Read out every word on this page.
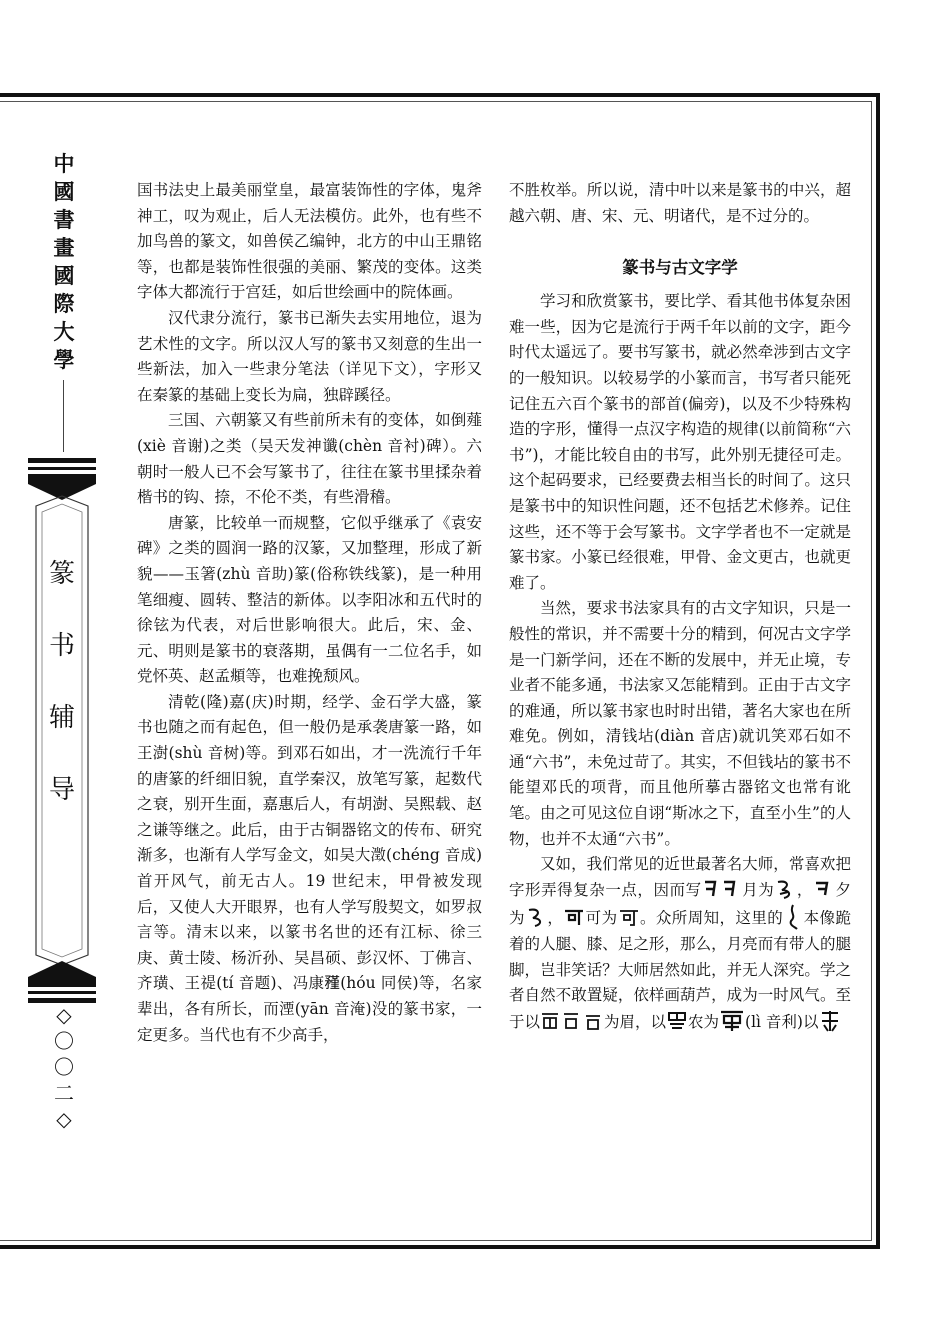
中國書畫國際大學
篆
书
辅
导
◇〇〇二◇

国书法史上最美丽堂皇，最富装饰性的字体，鬼斧神工，叹为观止，后人无法模仿。此外，也有些不加鸟兽的篆文，如兽侯乙编钟，北方的中山王鼎铭等，也都是装饰性很强的美丽、繁茂的变体。这类字体大都流行于宫廷，如后世绘画中的院体画。

汉代隶分流行，篆书已渐失去实用地位，退为艺术性的文字。所以汉人写的篆书又刻意的生出一些新法，加入一些隶分笔法（详见下文），字形又在秦篆的基础上变长为扁，独辟蹊径。

三国、六朝篆又有些前所未有的变体，如倒薤(xiè 音谢)之类（吴天发神谶(chèn 音衬)碑）。六朝时一般人已不会写篆书了，往往在篆书里揉杂着楷书的钩、捺，不伦不类，有些滑稽。

唐篆，比较单一而规整，它似乎继承了《袁安碑》之类的圆润一路的汉篆，又加整理，形成了新貌——玉箸(zhù 音助)篆(俗称铁线篆)，是一种用笔细瘦、圆转、整洁的新体。以李阳冰和五代时的徐铉为代表，对后世影响很大。此后，宋、金、元、明则是篆书的衰落期，虽偶有一二位名手，如党怀英、赵孟頫等，也难挽颓风。

清乾(隆)嘉(庆)时期，经学、金石学大盛，篆书也随之而有起色，但一般仍是承袭唐篆一路，如王澍(shù 音树)等。到邓石如出，才一洗流行千年的唐篆的纤细旧貌，直学秦汉，放笔写篆，起数代之衰，别开生面，嘉惠后人，有胡澍、吴熙载、赵之谦等继之。此后，由于古铜器铭文的传布、研究渐多，也渐有人学写金文，如吴大澂(chéng 音成)首开风气，前无古人。19 世纪末，甲骨被发现后，又使人大开眼界，也有人学写殷契文，如罗叔言等。清末以来，以篆书名世的还有江标、徐三庚、黄士陵、杨沂孙、吴昌硕、彭汉怀、丁佛言、齐璜、王禔(tí 音题)、冯康𥎊(hóu 同侯)等，名家辈出，各有所长，而湮(yān 音淹)没的篆书家，一定更多。当代也有不少高手，

不胜枚举。所以说，清中叶以来是篆书的中兴，超越六朝、唐、宋、元、明诸代，是不过分的。

篆书与古文字学

学习和欣赏篆书，要比学、看其他书体复杂困难一些，因为它是流行于两千年以前的文字，距今时代太遥远了。要书写篆书，就必然牵涉到古文字的一般知识。以较易学的小篆而言，书写者只能死记住五六百个篆书的部首(偏旁)，以及不少特殊构造的字形，懂得一点汉字构造的规律(以前简称“六书”)，才能比较自由的书写，此外别无捷径可走。这个起码要求，已经要费去相当长的时间了。这只是篆书中的知识性问题，还不包括艺术修养。记住这些，还不等于会写篆书。文字学者也不一定就是篆书家。小篆已经很难，甲骨、金文更古，也就更难了。

当然，要求书法家具有的古文字知识，只是一般性的常识，并不需要十分的精到，何况古文字学是一门新学问，还在不断的发展中，并无止境，专业者不能多通，书法家又怎能精到。正由于古文字的难通，所以篆书家也时时出错，著名大家也在所难免。例如，清钱坫(diàn 音店)就讥笑邓石如不通“六书”，未免过苛了。其实，不但钱坫的篆书不能望邓氏的项背，而且他所摹古器铭文也常有讹笔。由之可见这位自诩“斯冰之下，直至小生”的人物，也并不太通“六书”。

又如，我们常见的近世最著名大师，常喜欢把字形弄得复杂一点，因而写	月为 ， 夕为 ， 可为 。众所周知，这里的 本像跪着的人腿、膝、足之形，那么，月亮而有带人的腿脚，岂非笑话？大师居然如此，并无人深究。学之者自然不敢置疑，依样画葫芦，成为一时风气。至于以	为眉，以 农为 (lì 音利)以
